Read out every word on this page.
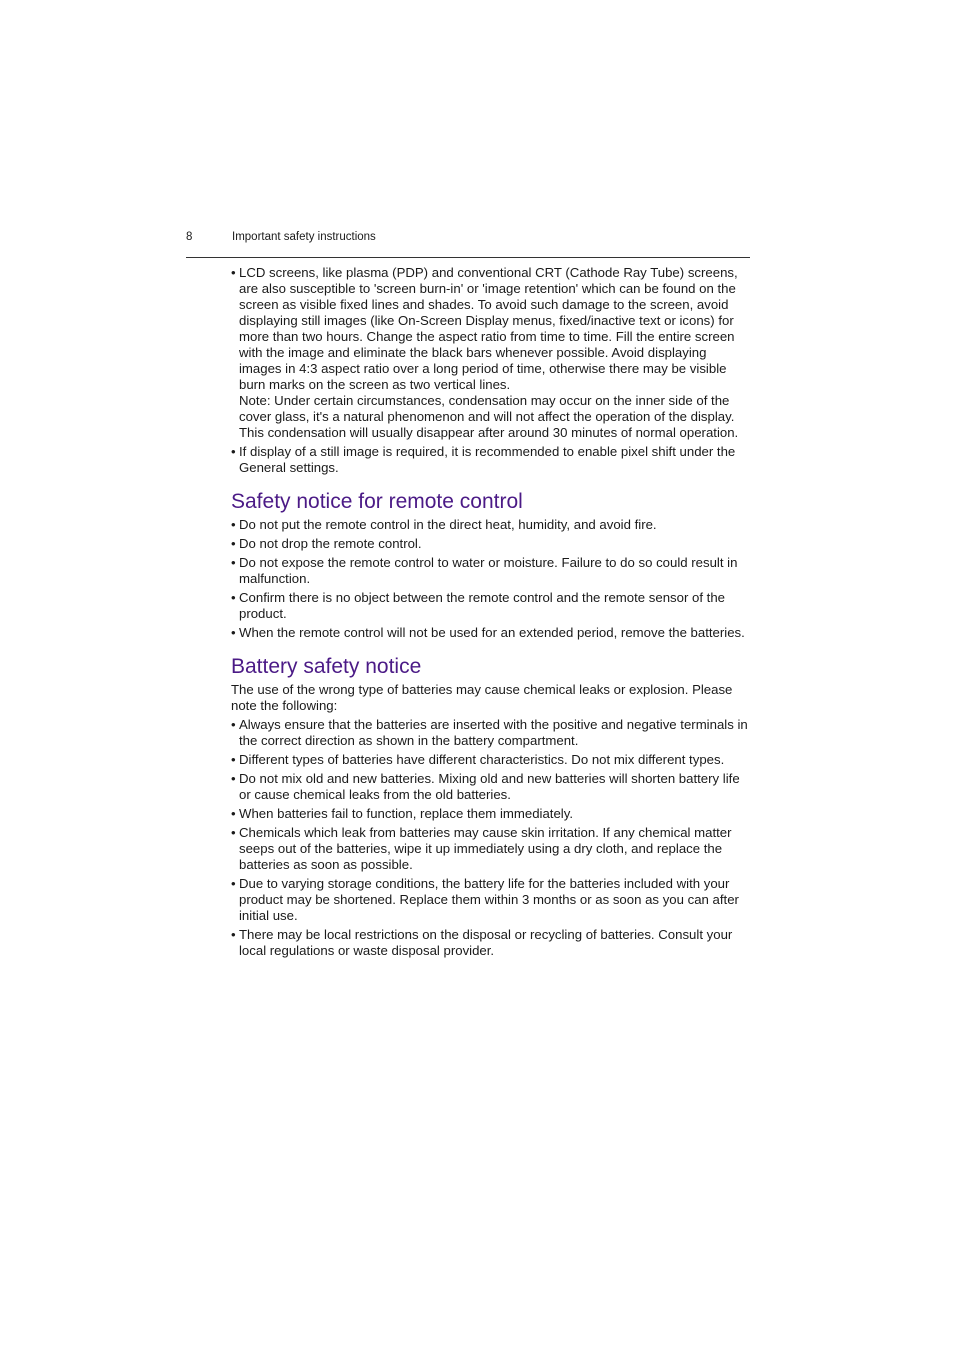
8	Important safety instructions
• LCD screens, like plasma (PDP) and conventional CRT (Cathode Ray Tube) screens, are also susceptible to 'screen burn-in' or 'image retention' which can be found on the screen as visible fixed lines and shades. To avoid such damage to the screen, avoid displaying still images (like On-Screen Display menus, fixed/inactive text or icons) for more than two hours. Change the aspect ratio from time to time. Fill the entire screen with the image and eliminate the black bars whenever possible. Avoid displaying images in 4:3 aspect ratio over a long period of time, otherwise there may be visible burn marks on the screen as two vertical lines.
Note: Under certain circumstances, condensation may occur on the inner side of the cover glass, it's a natural phenomenon and will not affect the operation of the display. This condensation will usually disappear after around 30 minutes of normal operation.
• If display of a still image is required, it is recommended to enable pixel shift under the General settings.
Safety notice for remote control
• Do not put the remote control in the direct heat, humidity, and avoid fire.
• Do not drop the remote control.
• Do not expose the remote control to water or moisture. Failure to do so could result in malfunction.
• Confirm there is no object between the remote control and the remote sensor of the product.
• When the remote control will not be used for an extended period, remove the batteries.
Battery safety notice

The use of the wrong type of batteries may cause chemical leaks or explosion. Please note the following:

• Always ensure that the batteries are inserted with the positive and negative terminals in the correct direction as shown in the battery compartment.
• Different types of batteries have different characteristics. Do not mix different types.
• Do not mix old and new batteries. Mixing old and new batteries will shorten battery life or cause chemical leaks from the old batteries.
• When batteries fail to function, replace them immediately.
• Chemicals which leak from batteries may cause skin irritation. If any chemical matter seeps out of the batteries, wipe it up immediately using a dry cloth, and replace the batteries as soon as possible.
• Due to varying storage conditions, the battery life for the batteries included with your product may be shortened. Replace them within 3 months or as soon as you can after initial use.
• There may be local restrictions on the disposal or recycling of batteries. Consult your local regulations or waste disposal provider.
